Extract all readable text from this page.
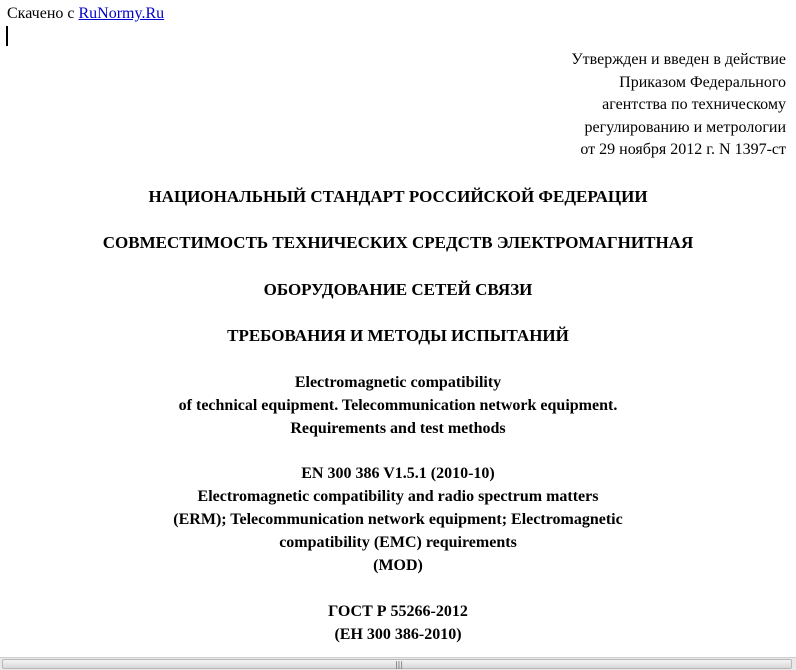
Скачено с RuNormy.Ru
Утвержден и введен в действие
Приказом Федерального
агентства по техническому
регулированию и метрологии
от 29 ноября 2012 г. N 1397-ст
НАЦИОНАЛЬНЫЙ СТАНДАРТ РОССИЙСКОЙ ФЕДЕРАЦИИ
СОВМЕСТИМОСТЬ ТЕХНИЧЕСКИХ СРЕДСТВ ЭЛЕКТРОМАГНИТНАЯ
ОБОРУДОВАНИЕ СЕТЕЙ СВЯЗИ
ТРЕБОВАНИЯ И МЕТОДЫ ИСПЫТАНИЙ
Electromagnetic compatibility
of technical equipment. Telecommunication network equipment.
Requirements and test methods
EN 300 386 V1.5.1 (2010-10)
Electromagnetic compatibility and radio spectrum matters
(ERM); Telecommunication network equipment; Electromagnetic
compatibility (EMC) requirements
(MOD)
ГОСТ Р 55266-2012
(ЕН 300 386-2010)
|||
